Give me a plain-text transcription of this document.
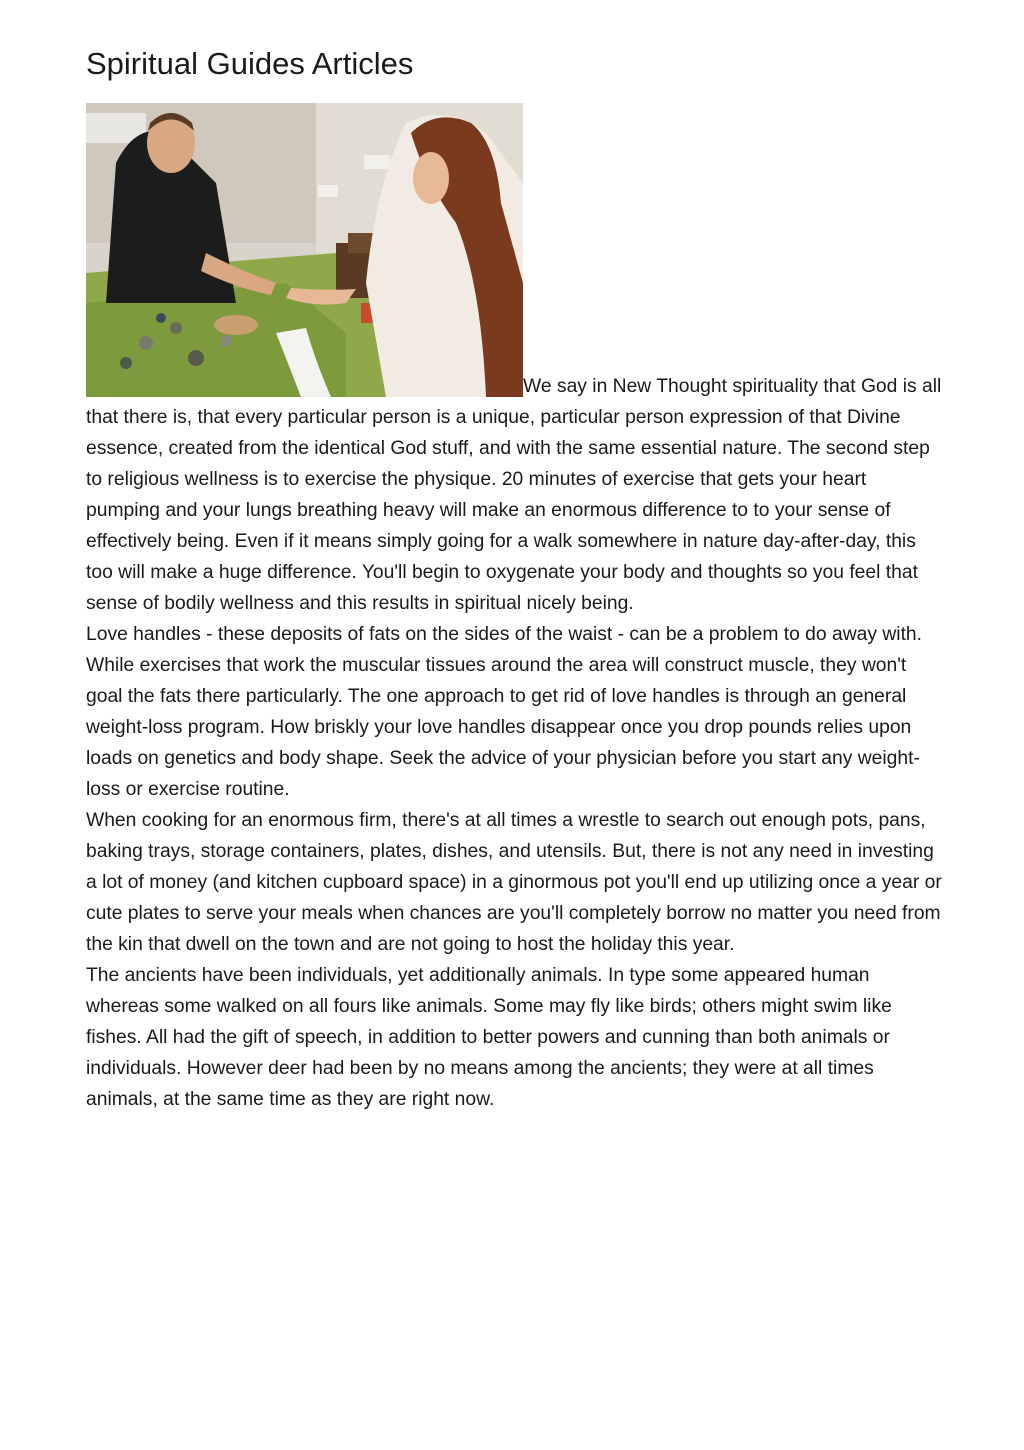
Spiritual Guides Articles

We say in New Thought spirituality that God is all that there is, that every particular person is a unique, particular person expression of that Divine essence, created from the identical God stuff, and with the same essential nature. The second step to religious wellness is to exercise the physique. 20 minutes of exercise that gets your heart pumping and your lungs breathing heavy will make an enormous difference to to your sense of effectively being. Even if it means simply going for a walk somewhere in nature day-after-day, this too will make a huge difference. You'll begin to oxygenate your body and thoughts so you feel that sense of bodily wellness and this results in spiritual nicely being.

Love handles - these deposits of fats on the sides of the waist - can be a problem to do away with. While exercises that work the muscular tissues around the area will construct muscle, they won't goal the fats there particularly. The one approach to get rid of love handles is through an general weight-loss program. How briskly your love handles disappear once you drop pounds relies upon loads on genetics and body shape. Seek the advice of your physician before you start any weight-loss or exercise routine.

When cooking for an enormous firm, there's at all times a wrestle to search out enough pots, pans, baking trays, storage containers, plates, dishes, and utensils. But, there is not any need in investing a lot of money (and kitchen cupboard space) in a ginormous pot you'll end up utilizing once a year or cute plates to serve your meals when chances are you'll completely borrow no matter you need from the kin that dwell on the town and are not going to host the holiday this year.

The ancients have been individuals, yet additionally animals. In type some appeared human whereas some walked on all fours like animals. Some may fly like birds; others might swim like fishes. All had the gift of speech, in addition to better powers and cunning than both animals or individuals. However deer had been by no means among the ancients; they were at all times animals, at the same time as they are right now.
